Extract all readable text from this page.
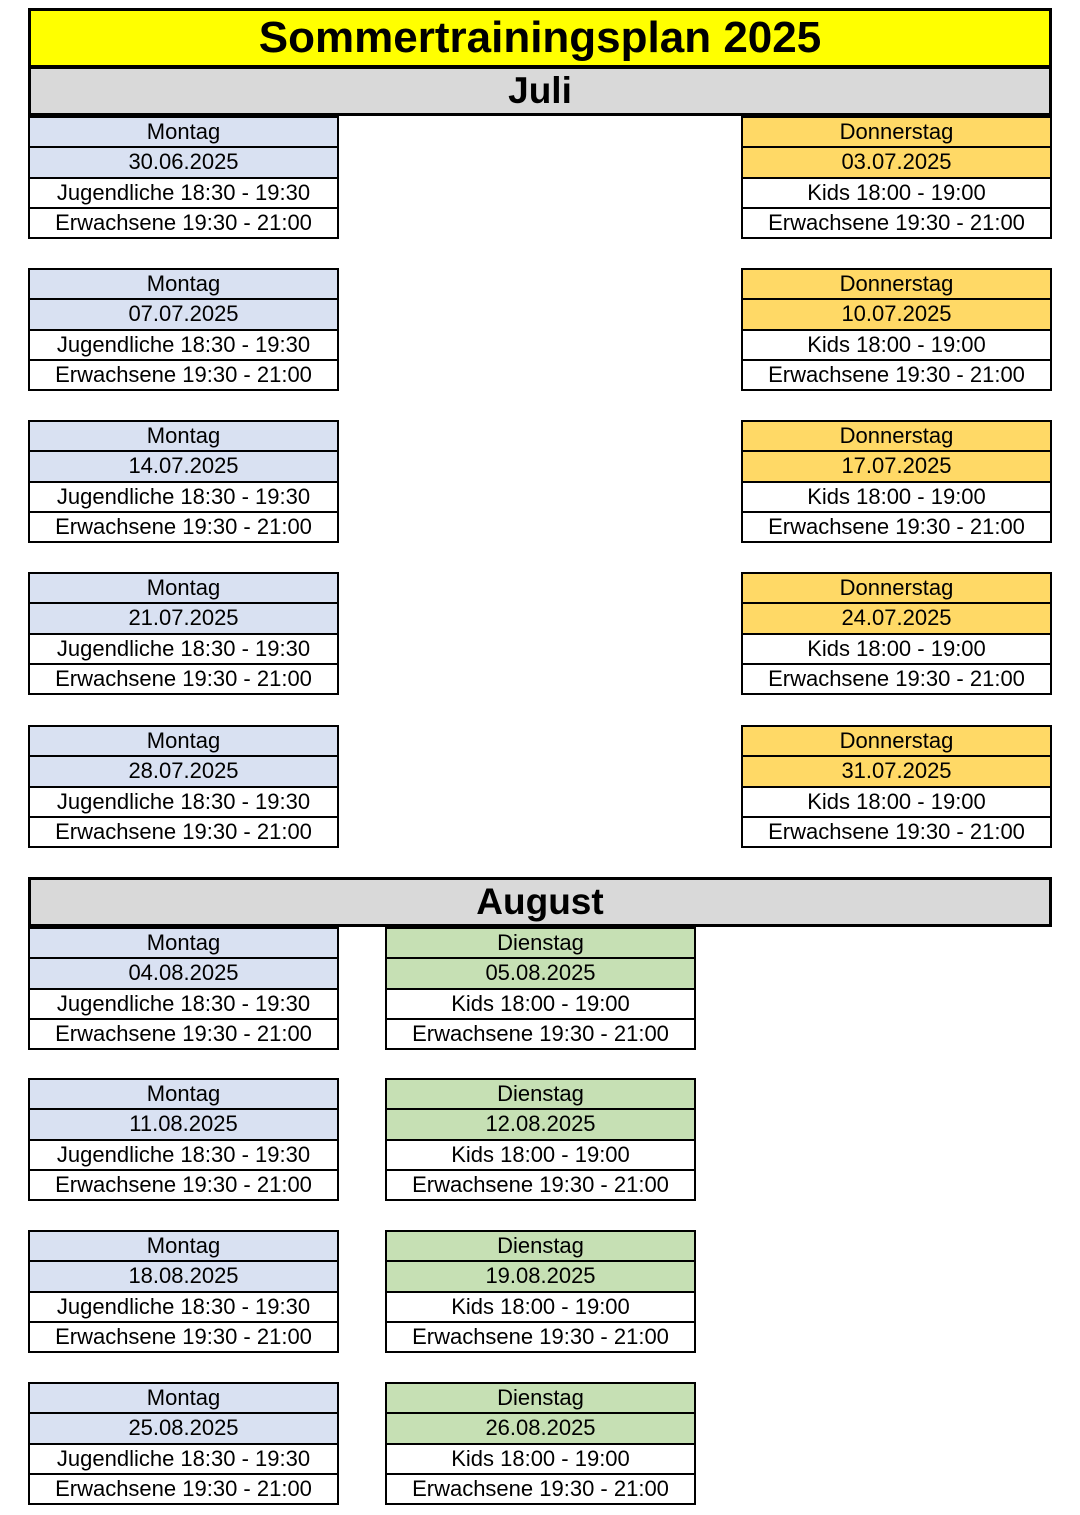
Sommertrainingsplan 2025
Juli
Montag
30.06.2025
Jugendliche 18:30 - 19:30
Erwachsene 19:30 - 21:00
Montag
07.07.2025
Jugendliche 18:30 - 19:30
Erwachsene 19:30 - 21:00
Montag
14.07.2025
Jugendliche 18:30 - 19:30
Erwachsene 19:30 - 21:00
Montag
21.07.2025
Jugendliche 18:30 - 19:30
Erwachsene 19:30 - 21:00
Montag
28.07.2025
Jugendliche 18:30 - 19:30
Erwachsene 19:30 - 21:00
Donnerstag
03.07.2025
Kids 18:00 - 19:00
Erwachsene 19:30 - 21:00
Donnerstag
10.07.2025
Kids 18:00 - 19:00
Erwachsene 19:30 - 21:00
Donnerstag
17.07.2025
Kids 18:00 - 19:00
Erwachsene 19:30 - 21:00
Donnerstag
24.07.2025
Kids 18:00 - 19:00
Erwachsene 19:30 - 21:00
Donnerstag
31.07.2025
Kids 18:00 - 19:00
Erwachsene 19:30 - 21:00
August
Montag
04.08.2025
Jugendliche 18:30 - 19:30
Erwachsene 19:30 - 21:00
Montag
11.08.2025
Jugendliche 18:30 - 19:30
Erwachsene 19:30 - 21:00
Montag
18.08.2025
Jugendliche 18:30 - 19:30
Erwachsene 19:30 - 21:00
Montag
25.08.2025
Jugendliche 18:30 - 19:30
Erwachsene 19:30 - 21:00
Dienstag
05.08.2025
Kids 18:00 - 19:00
Erwachsene 19:30 - 21:00
Dienstag
12.08.2025
Kids 18:00 - 19:00
Erwachsene 19:30 - 21:00
Dienstag
19.08.2025
Kids 18:00 - 19:00
Erwachsene 19:30 - 21:00
Dienstag
26.08.2025
Kids 18:00 - 19:00
Erwachsene 19:30 - 21:00
